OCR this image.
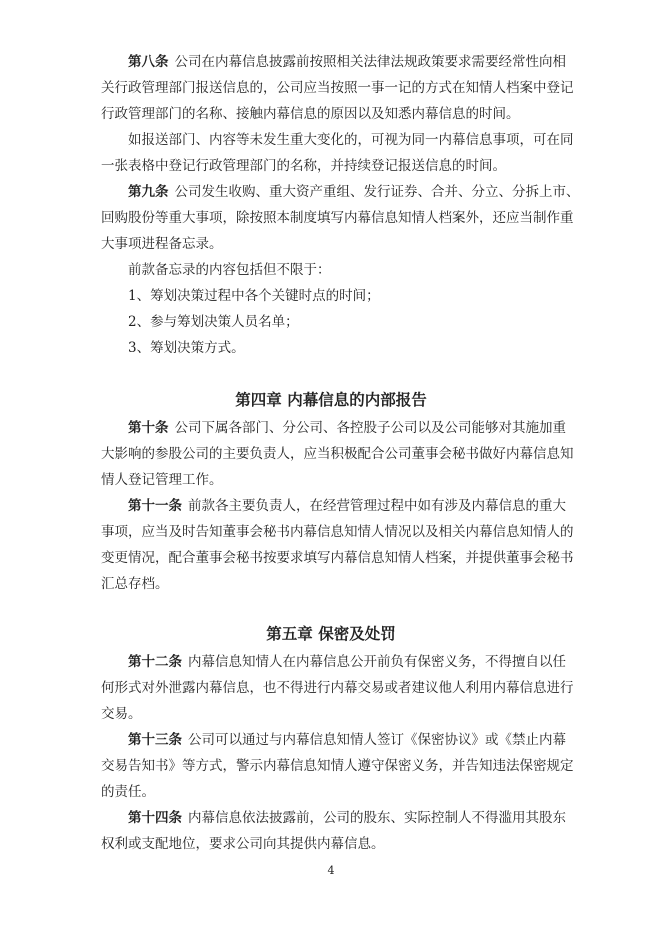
第八条 公司在内幕信息披露前按照相关法律法规政策要求需要经常性向相
关行政管理部门报送信息的，公司应当按照一事一记的方式在知情人档案中登记
行政管理部门的名称、接触内幕信息的原因以及知悉内幕信息的时间。
如报送部门、内容等未发生重大变化的，可视为同一内幕信息事项，可在同
一张表格中登记行政管理部门的名称，并持续登记报送信息的时间。
第九条 公司发生收购、重大资产重组、发行证券、合并、分立、分拆上市、
回购股份等重大事项，除按照本制度填写内幕信息知情人档案外，还应当制作重
大事项进程备忘录。
前款备忘录的内容包括但不限于：
1、筹划决策过程中各个关键时点的时间；
2、参与筹划决策人员名单；
3、筹划决策方式。
第四章 内幕信息的内部报告
第十条 公司下属各部门、分公司、各控股子公司以及公司能够对其施加重
大影响的参股公司的主要负责人，应当积极配合公司董事会秘书做好内幕信息知
情人登记管理工作。
第十一条 前款各主要负责人，在经营管理过程中如有涉及内幕信息的重大
事项，应当及时告知董事会秘书内幕信息知情人情况以及相关内幕信息知情人的
变更情况，配合董事会秘书按要求填写内幕信息知情人档案，并提供董事会秘书
汇总存档。
第五章 保密及处罚
第十二条 内幕信息知情人在内幕信息公开前负有保密义务，不得擅自以任
何形式对外泄露内幕信息，也不得进行内幕交易或者建议他人利用内幕信息进行
交易。
第十三条 公司可以通过与内幕信息知情人签订《保密协议》或《禁止内幕
交易告知书》等方式，警示内幕信息知情人遵守保密义务，并告知违法保密规定
的责任。
第十四条 内幕信息依法披露前，公司的股东、实际控制人不得滥用其股东
权利或支配地位，要求公司向其提供内幕信息。
4
